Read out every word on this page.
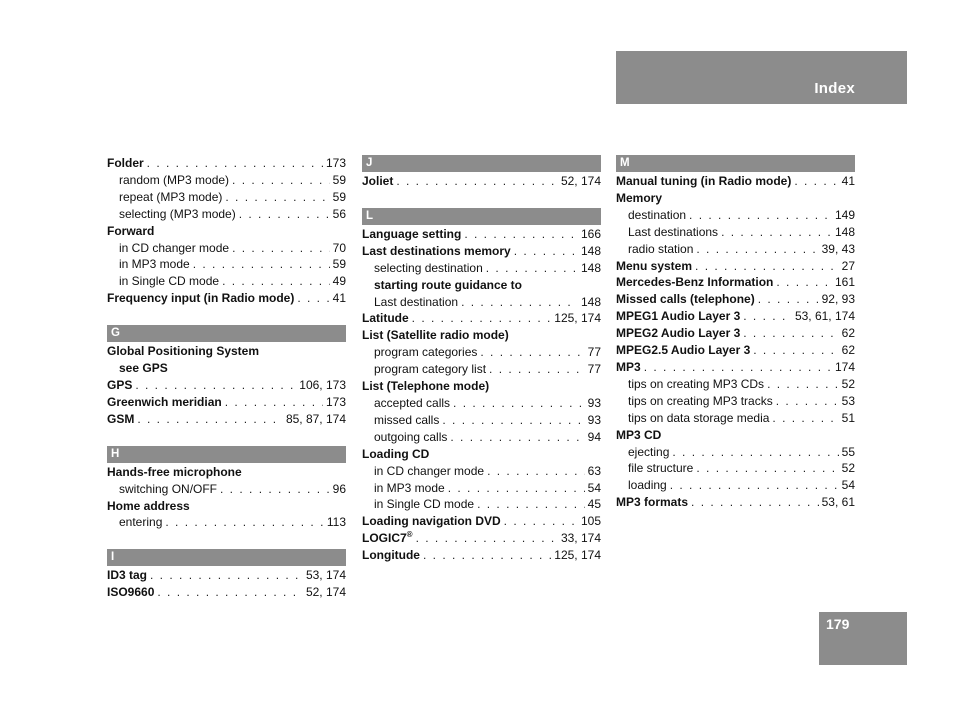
Index
Folder . . .	173
random (MP3 mode) . . .	59
repeat (MP3 mode) . . .	59
selecting (MP3 mode) . . .	56
Forward
in CD changer mode . . .	70
in MP3 mode . . .	59
in Single CD mode . . .	49
Frequency input (in Radio mode) . . .	41
G
Global Positioning System
see GPS
GPS . . .	106, 173
Greenwich meridian . . .	173
GSM . . .	85, 87, 174
H
Hands-free microphone
switching ON/OFF . . .	96
Home address
entering . . .	113
I
ID3 tag . . .	53, 174
ISO9660 . . .	52, 174
J
Joliet . . .	52, 174
L
Language setting . . .	166
Last destinations memory . . .	148
selecting destination . . .	148
starting route guidance to
Last destination . . .	148
Latitude . . .	125, 174
List (Satellite radio mode)
program categories . . .	77
program category list . . .	77
List (Telephone mode)
accepted calls . . .	93
missed calls . . .	93
outgoing calls . . .	94
Loading CD
in CD changer mode . . .	63
in MP3 mode . . .	54
in Single CD mode . . .	45
Loading navigation DVD . . .	105
LOGIC7® . . .	33, 174
Longitude . . .	125, 174
M
Manual tuning (in Radio mode) . . .	41
Memory
destination . . .	149
Last destinations . . .	148
radio station . . .	39, 43
Menu system . . .	27
Mercedes-Benz Information . . .	161
Missed calls (telephone) . . .	92, 93
MPEG1 Audio Layer 3 . . .	53, 61, 174
MPEG2 Audio Layer 3 . . .	62
MPEG2.5 Audio Layer 3 . . .	62
MP3 . . .	174
tips on creating MP3 CDs . . .	52
tips on creating MP3 tracks . . .	53
tips on data storage media . . .	51
MP3 CD
ejecting . . .	55
file structure . . .	52
loading . . .	54
MP3 formats . . .	53, 61
179
